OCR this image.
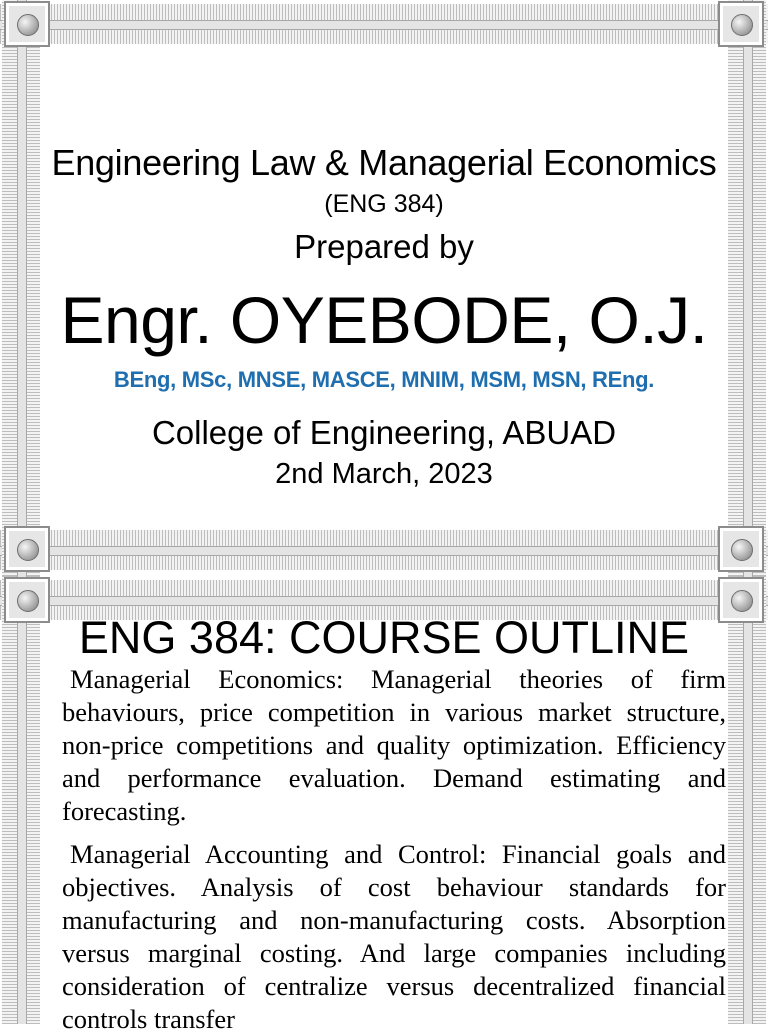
Engineering Law & Managerial Economics
(ENG 384)
Prepared by
Engr. OYEBODE, O.J.
BEng, MSc, MNSE, MASCE, MNIM, MSM, MSN, REng.
College of Engineering, ABUAD
2nd March, 2023
ENG 384: COURSE OUTLINE

Managerial Economics: Managerial theories of firm behaviours, price competition in various market structure, non-price competitions and quality optimization. Efficiency and performance evaluation. Demand estimating and forecasting.

Managerial Accounting and Control: Financial goals and objectives. Analysis of cost behaviour standards for manufacturing and non-manufacturing costs. Absorption versus marginal costing. And large companies including consideration of centralize versus decentralized financial controls transfer
